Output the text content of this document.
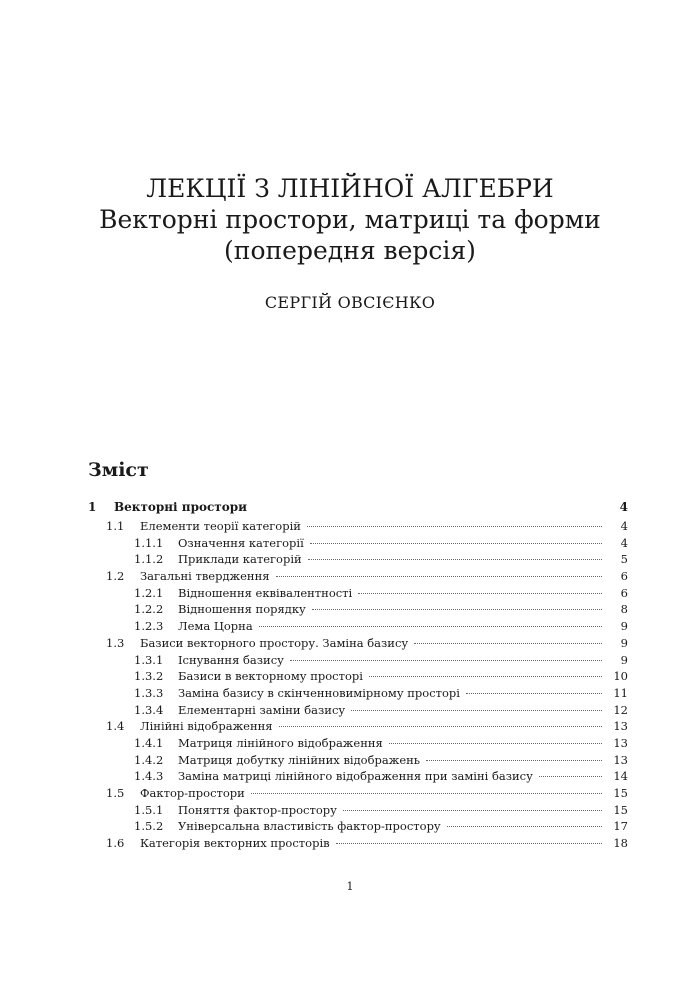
ЛЕКЦІЇ З ЛІНІЙНОЇ АЛГЕБРИ
Векторні простори, матриці та форми
(попередня версія)
СЕРГІЙ ОВСІЄНКО
Зміст
1	Векторні простори	4
1.1	Елементи теорії категорій	4
1.1.1	Означення категорії	4
1.1.2	Приклади категорій	5
1.2	Загальні твердження	6
1.2.1	Відношення еквівалентності	6
1.2.2	Відношення порядку	8
1.2.3	Лема Цорна	9
1.3	Базиси векторного простору. Заміна базису	9
1.3.1	Існування базису	9
1.3.2	Базиси в векторному просторі	10
1.3.3	Заміна базису в скінченновимірному просторі	11
1.3.4	Елементарні заміни базису	12
1.4	Лінійні відображення	13
1.4.1	Матриця лінійного відображення	13
1.4.2	Матриця добутку лінійних відображень	13
1.4.3	Заміна матриці лінійного відображення при заміні базису	14
1.5	Фактор-простори	15
1.5.1	Поняття фактор-простору	15
1.5.2	Універсальна властивість фактор-простору	17
1.6	Категорія векторних просторів	18
1
